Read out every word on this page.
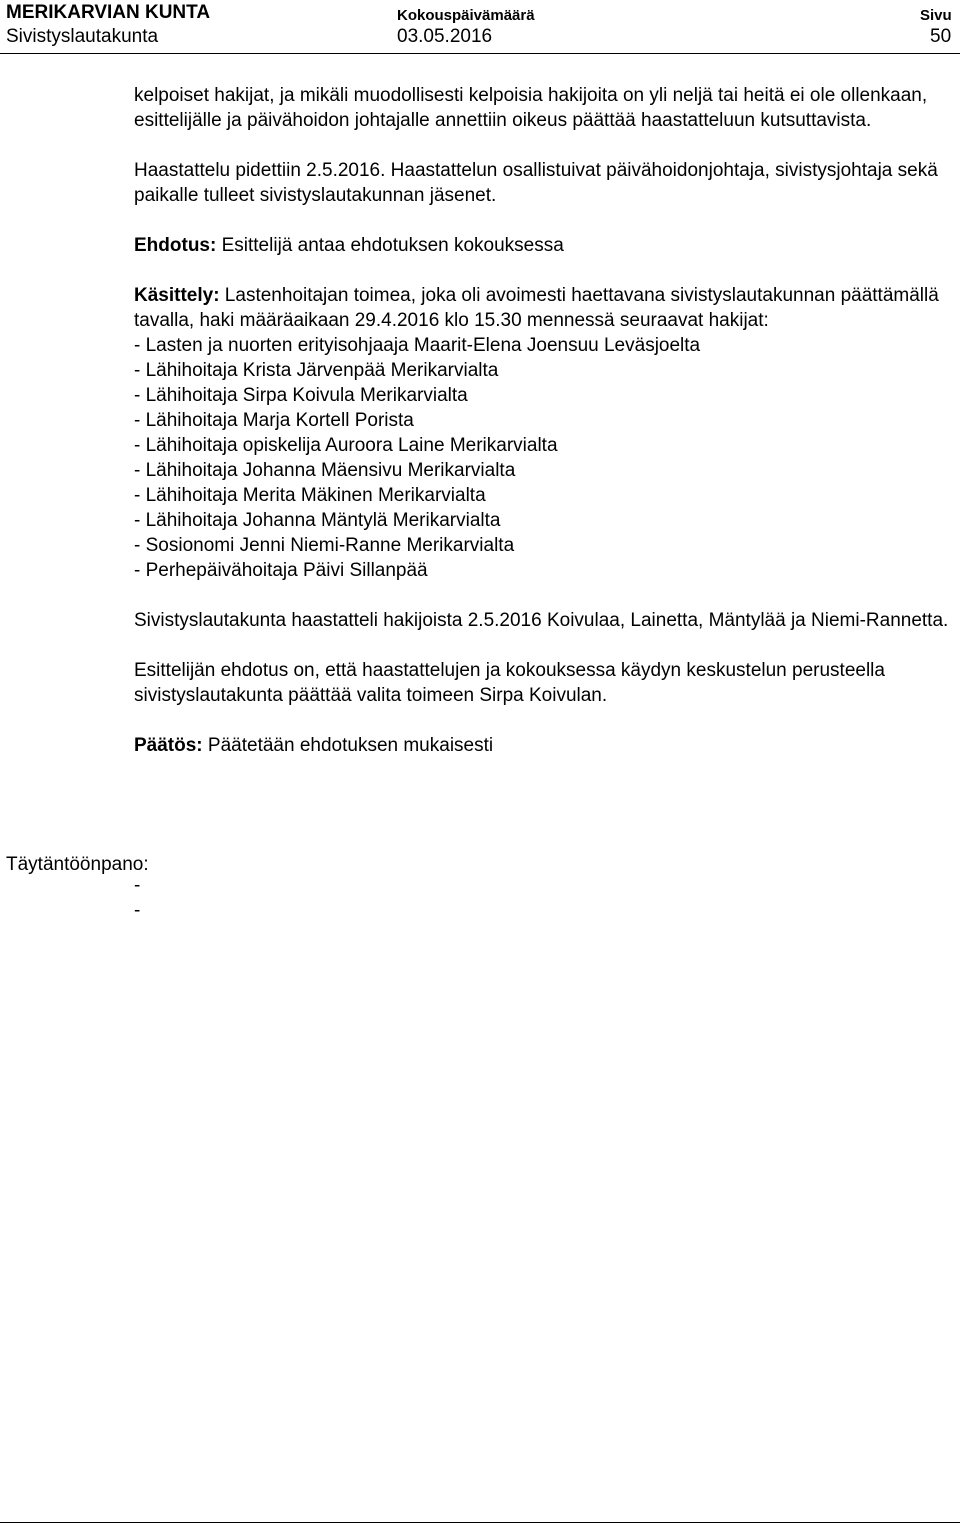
MERIKARVIAN KUNTA
Sivistyslautakunta
Kokouspäivämäärä
03.05.2016
Sivu
50

kelpoiset hakijat, ja mikäli muodollisesti kelpoisia hakijoita on yli neljä tai heitä ei ole ollenkaan, esittelijälle ja päivähoidon johtajalle annettiin oikeus päättää haastatteluun kutsuttavista.

Haastattelu pidettiin 2.5.2016. Haastattelun osallistuivat päivähoidonjohtaja, sivistysjohtaja sekä paikalle tulleet sivistyslautakunnan jäsenet.

Ehdotus: Esittelijä antaa ehdotuksen kokouksessa

Käsittely: Lastenhoitajan toimea, joka oli avoimesti haettavana sivistyslautakunnan päättämällä tavalla, haki määräaikaan 29.4.2016 klo 15.30 mennessä seuraavat hakijat:

- Lasten ja nuorten erityisohjaaja Maarit-Elena Joensuu Leväsjoelta

- Lähihoitaja Krista Järvenpää Merikarvialta

- Lähihoitaja Sirpa Koivula Merikarvialta

- Lähihoitaja Marja Kortell Porista

- Lähihoitaja opiskelija Auroora Laine Merikarvialta

- Lähihoitaja Johanna Mäensivu Merikarvialta

- Lähihoitaja Merita Mäkinen Merikarvialta

- Lähihoitaja Johanna Mäntylä Merikarvialta

- Sosionomi Jenni Niemi-Ranne Merikarvialta

- Perhepäivähoitaja Päivi Sillanpää

Sivistyslautakunta haastatteli hakijoista 2.5.2016 Koivulaa, Lainetta, Mäntylää ja Niemi-Rannetta.

Esittelijän ehdotus on, että haastattelujen ja kokouksessa käydyn keskustelun perusteella sivistyslautakunta päättää valita toimeen Sirpa Koivulan.

Päätös: Päätetään ehdotuksen mukaisesti

Täytäntöönpano:
-
-
